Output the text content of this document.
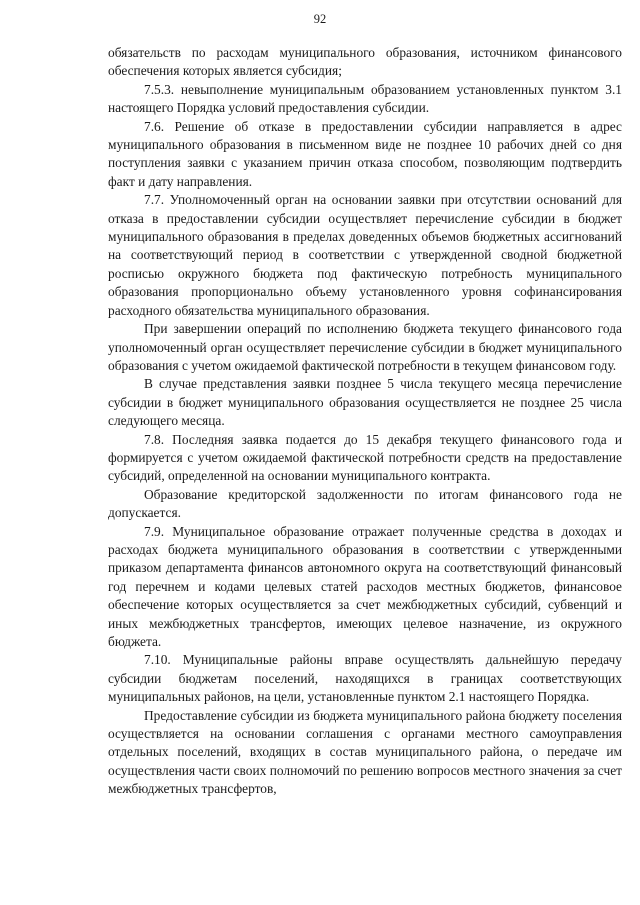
92

обязательств по расходам муниципального образования, источником финансового обеспечения которых является субсидия;

7.5.3. невыполнение муниципальным образованием установленных пунктом 3.1 настоящего Порядка условий предоставления субсидии.

7.6. Решение об отказе в предоставлении субсидии направляется в адрес муниципального образования в письменном виде не позднее 10 рабочих дней со дня поступления заявки с указанием причин отказа способом, позволяющим подтвердить факт и дату направления.

7.7. Уполномоченный орган на основании заявки при отсутствии оснований для отказа в предоставлении субсидии осуществляет перечисление субсидии в бюджет муниципального образования в пределах доведенных объемов бюджетных ассигнований на соответствующий период в соответствии с утвержденной сводной бюджетной росписью окружного бюджета под фактическую потребность муниципального образования пропорционально объему установленного уровня софинансирования расходного обязательства муниципального образования.

При завершении операций по исполнению бюджета текущего финансового года уполномоченный орган осуществляет перечисление субсидии в бюджет муниципального образования с учетом ожидаемой фактической потребности в текущем финансовом году.

В случае представления заявки позднее 5 числа текущего месяца перечисление субсидии в бюджет муниципального образования осуществляется не позднее 25 числа следующего месяца.

7.8. Последняя заявка подается до 15 декабря текущего финансового года и формируется с учетом ожидаемой фактической потребности средств на предоставление субсидий, определенной на основании муниципального контракта.

Образование кредиторской задолженности по итогам финансового года не допускается.

7.9. Муниципальное образование отражает полученные средства в доходах и расходах бюджета муниципального образования в соответствии с утвержденными приказом департамента финансов автономного округа на соответствующий финансовый год перечнем и кодами целевых статей расходов местных бюджетов, финансовое обеспечение которых осуществляется за счет межбюджетных субсидий, субвенций и иных межбюджетных трансфертов, имеющих целевое назначение, из окружного бюджета.

7.10. Муниципальные районы вправе осуществлять дальнейшую передачу субсидии бюджетам поселений, находящихся в границах соответствующих муниципальных районов, на цели, установленные пунктом 2.1 настоящего Порядка.

Предоставление субсидии из бюджета муниципального района бюджету поселения осуществляется на основании соглашения с органами местного самоуправления отдельных поселений, входящих в состав муниципального района, о передаче им осуществления части своих полномочий по решению вопросов местного значения за счет межбюджетных трансфертов,
